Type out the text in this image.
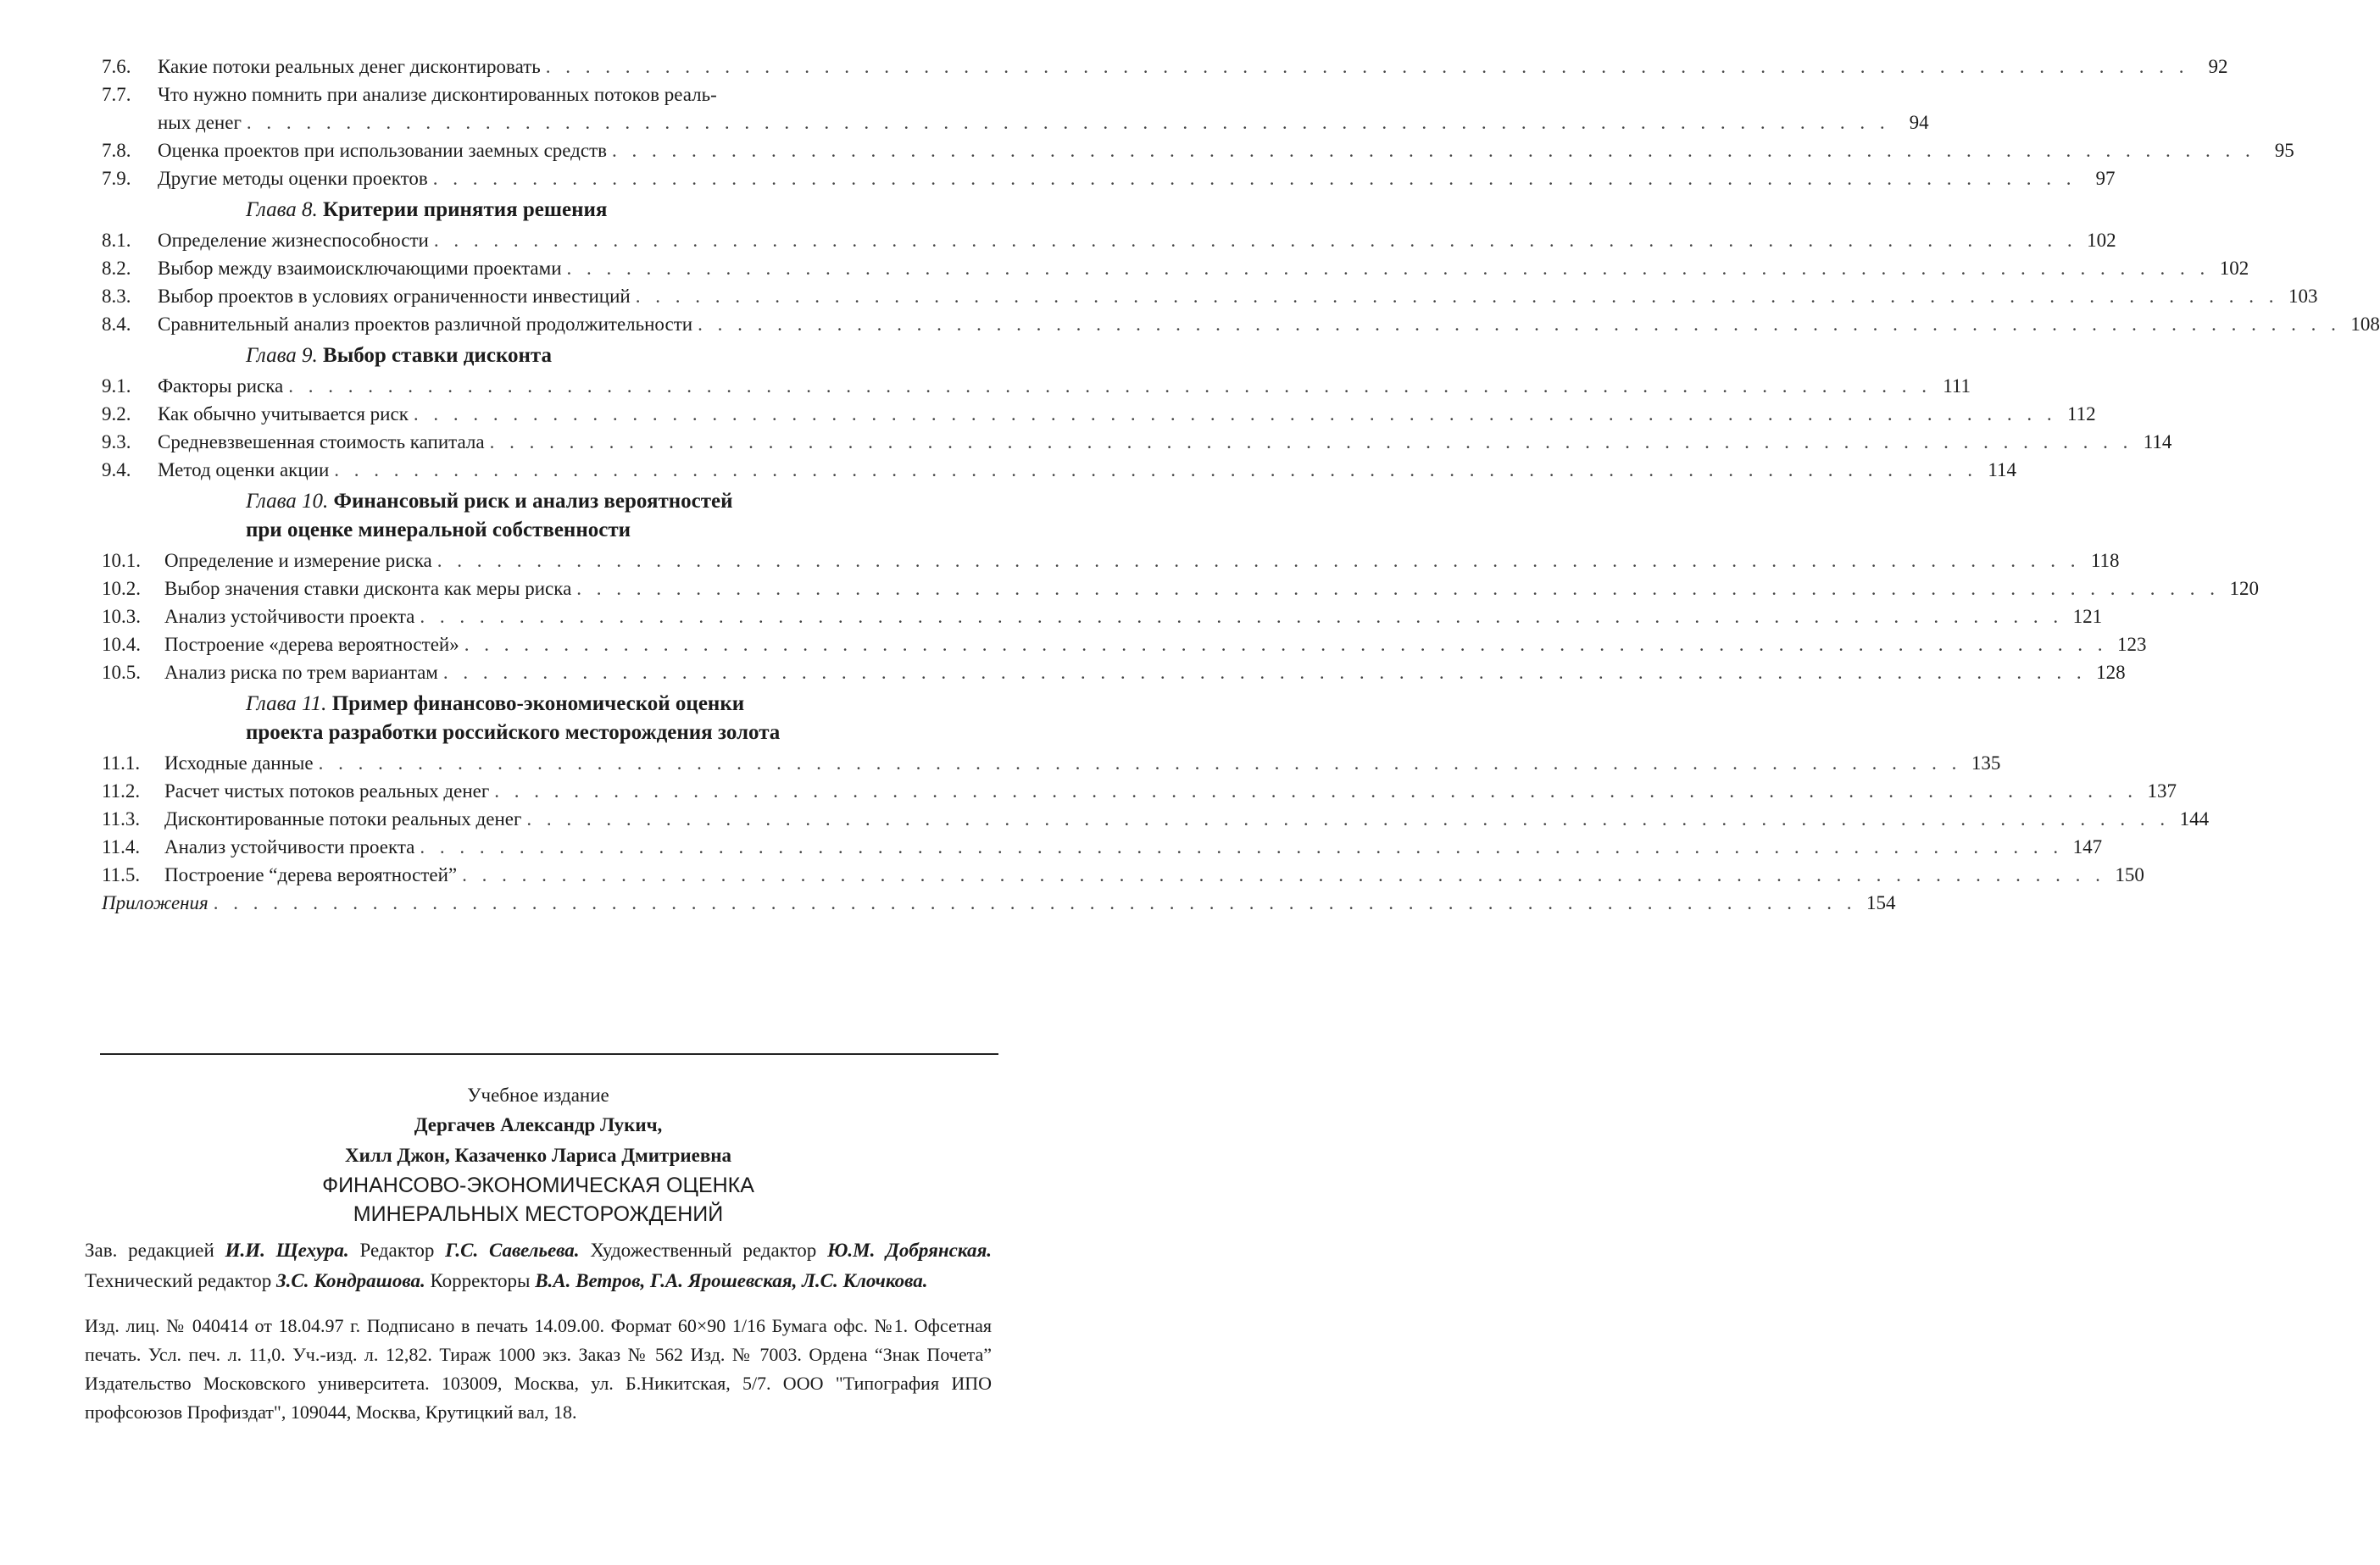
7.6.	Какие потоки реальных денег дисконтировать . . . . . . . . . . . . . . . . . . . . . . . . . . . . . . . . . . . . . . . . . . . . . . . . . . . . . . . . . . . . . . . . . . . . . . . . . . . . . . . . . . .	92
7.7.	Что нужно помнить при анализе дисконтированных потоков реаль-
ных денег . . . . . . . . . . . . . . . . . . . . . . . . . . . . . . . . . . . . . . . . . . . . . . . . . . . . . . . . . . . . . . . . . . . . . . . . . . . . . . . . . . .	94
7.8.	Оценка проектов при использовании заемных средств . . . . . . . . . . . . . . . . . . . . . . . . . . . . . . . . . . . . . . . . . . . . . . . . . . . . . . . . . . . . . . . . . . . . . . . . . . . . . . . . . . .	95
7.9.	Другие методы оценки проектов . . . . . . . . . . . . . . . . . . . . . . . . . . . . . . . . . . . . . . . . . . . . . . . . . . . . . . . . . . . . . . . . . . . . . . . . . . . . . . . . . . .	97
Глава 8. Критерии принятия решения
8.1.	Определение жизнеспособности . . . . . . . . . . . . . . . . . . . . . . . . . . . . . . . . . . . . . . . . . . . . . . . . . . . . . . . . . . . . . . . . . . . . . . . . . . . . . . . . . . . 102
8.2.	Выбор между взаимоисключающими проектами . . . . . . . . . . . . . . . . . . . . . . . . . . . . . . . . . . . . . . . . . . . . . . . . . . . . . . . . . . . . . . . . . . . . . . . . . . . . . . . . . . . 102
8.3.	Выбор проектов в условиях ограниченности инвестиций . . . . . . . . . . . . . . . . . . . . . . . . . . . . . . . . . . . . . . . . . . . . . . . . . . . . . . . . . . . . . . . . . . . . . . . . . . . . . . . . . . . 103
8.4.	Сравнительный анализ проектов различной продолжительности . . . . . . . . . . . . . . . . . . . . . . . . . . . . . . . . . . . . . . . . . . . . . . . . . . . . . . . . . . . . . . . . . . . . . . . . . . . . . . . . . . . 108
Глава 9. Выбор ставки дисконта
9.1.	Факторы риска . . . . . . . . . . . . . . . . . . . . . . . . . . . . . . . . . . . . . . . . . . . . . . . . . . . . . . . . . . . . . . . . . . . . . . . . . . . . . . . . . . . 111
9.2.	Как обычно учитывается риск . . . . . . . . . . . . . . . . . . . . . . . . . . . . . . . . . . . . . . . . . . . . . . . . . . . . . . . . . . . . . . . . . . . . . . . . . . . . . . . . . . . 112
9.3.	Средневзвешенная стоимость капитала . . . . . . . . . . . . . . . . . . . . . . . . . . . . . . . . . . . . . . . . . . . . . . . . . . . . . . . . . . . . . . . . . . . . . . . . . . . . . . . . . . . 114
9.4.	Метод оценки акции . . . . . . . . . . . . . . . . . . . . . . . . . . . . . . . . . . . . . . . . . . . . . . . . . . . . . . . . . . . . . . . . . . . . . . . . . . . . . . . . . . . 114
Глава 10. Финансовый риск и анализ вероятностей
при оценке минеральной собственности
10.1.	Определение и измерение риска . . . . . . . . . . . . . . . . . . . . . . . . . . . . . . . . . . . . . . . . . . . . . . . . . . . . . . . . . . . . . . . . . . . . . . . . . . . . . . . . . . . 118
10.2.	Выбор значения ставки дисконта как меры риска . . . . . . . . . . . . . . . . . . . . . . . . . . . . . . . . . . . . . . . . . . . . . . . . . . . . . . . . . . . . . . . . . . . . . . . . . . . . . . . . . . . 120
10.3.	Анализ устойчивости проекта . . . . . . . . . . . . . . . . . . . . . . . . . . . . . . . . . . . . . . . . . . . . . . . . . . . . . . . . . . . . . . . . . . . . . . . . . . . . . . . . . . . 121
10.4.	Построение «дерева вероятностей» . . . . . . . . . . . . . . . . . . . . . . . . . . . . . . . . . . . . . . . . . . . . . . . . . . . . . . . . . . . . . . . . . . . . . . . . . . . . . . . . . . . 123
10.5.	Анализ риска по трем вариантам . . . . . . . . . . . . . . . . . . . . . . . . . . . . . . . . . . . . . . . . . . . . . . . . . . . . . . . . . . . . . . . . . . . . . . . . . . . . . . . . . . . 128
Глава 11. Пример финансово-экономической оценки
проекта разработки российского месторождения золота
11.1.	Исходные данные . . . . . . . . . . . . . . . . . . . . . . . . . . . . . . . . . . . . . . . . . . . . . . . . . . . . . . . . . . . . . . . . . . . . . . . . . . . . . . . . . . . 135
11.2.	Расчет чистых потоков реальных денег . . . . . . . . . . . . . . . . . . . . . . . . . . . . . . . . . . . . . . . . . . . . . . . . . . . . . . . . . . . . . . . . . . . . . . . . . . . . . . . . . . . 137
11.3.	Дисконтированные потоки реальных денег . . . . . . . . . . . . . . . . . . . . . . . . . . . . . . . . . . . . . . . . . . . . . . . . . . . . . . . . . . . . . . . . . . . . . . . . . . . . . . . . . . . 144
11.4.	Анализ устойчивости проекта . . . . . . . . . . . . . . . . . . . . . . . . . . . . . . . . . . . . . . . . . . . . . . . . . . . . . . . . . . . . . . . . . . . . . . . . . . . . . . . . . . . 147
11.5.	Построение “дерева вероятностей” . . . . . . . . . . . . . . . . . . . . . . . . . . . . . . . . . . . . . . . . . . . . . . . . . . . . . . . . . . . . . . . . . . . . . . . . . . . . . . . . . . . 150
Приложения . . . . . . . . . . . . . . . . . . . . . . . . . . . . . . . . . . . . . . . . . . . . . . . . . . . . . . . . . . . . . . . . . . . . . . . . . . . . . . . . . . . 154
Учебное издание
Дергачев Александр Лукич,
Хилл Джон, Казаченко Лариса Дмитриевна
ФИНАНСОВО-ЭКОНОМИЧЕСКАЯ ОЦЕНКА
МИНЕРАЛЬНЫХ МЕСТОРОЖДЕНИЙ
Зав. редакцией И.И. Щехура. Редактор Г.С. Савельева. Художественный редактор Ю.М. Добрянская. Технический редактор З.С. Кондрашова. Корректоры В.А. Ветров, Г.А. Ярошевская, Л.С. Клочкова.
Изд. лиц. № 040414 от 18.04.97 г. Подписано в печать 14.09.00. Формат 60×90 1/16 Бумага офс. №1. Офсетная печать. Усл. печ. л. 11,0. Уч.-изд. л. 12,82. Тираж 1000 экз. Заказ № 562 Изд. № 7003. Ордена “Знак Почета” Издательство Московского университета. 103009, Москва, ул. Б.Никитская, 5/7. ООО "Типография ИПО профсоюзов Профиздат", 109044, Москва, Крутицкий вал, 18.
